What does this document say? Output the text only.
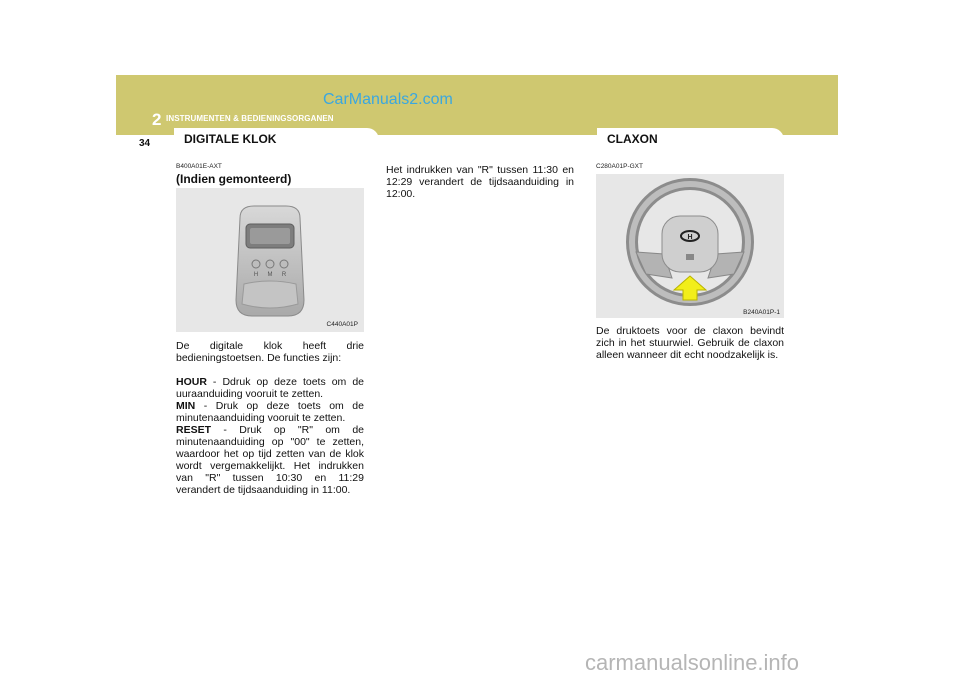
CarManuals2.com
2 INSTRUMENTEN & BEDIENINGSORGANEN
34	DIGITALE KLOK	CLAXON
B400A01E-AXT
(Indien gemonteerd)
H M R
C440A01P
De digitale klok heeft drie bedieningstoetsen. De functies zijn:

HOUR - Ddruk op deze toets om de uuraanduiding vooruit te zetten.

MIN - Druk op deze toets om de minutenaanduiding vooruit te zetten.

RESET - Druk op "R" om de minutenaanduiding op "00" te zetten, waardoor het op tijd zetten van de klok wordt vergemakkelijkt. Het indrukken van "R" tussen 10:30 en 11:29 verandert de tijdsaanduiding in 11:00.

Het indrukken van "R" tussen 11:30 en 12:29 verandert de tijdsaanduiding in 12:00.
C280A01P-GXT
H
B240A01P-1
De druktoets voor de claxon bevindt zich in het stuurwiel. Gebruik de claxon alleen wanneer dit echt noodzakelijk is.
carmanualsonline.info
